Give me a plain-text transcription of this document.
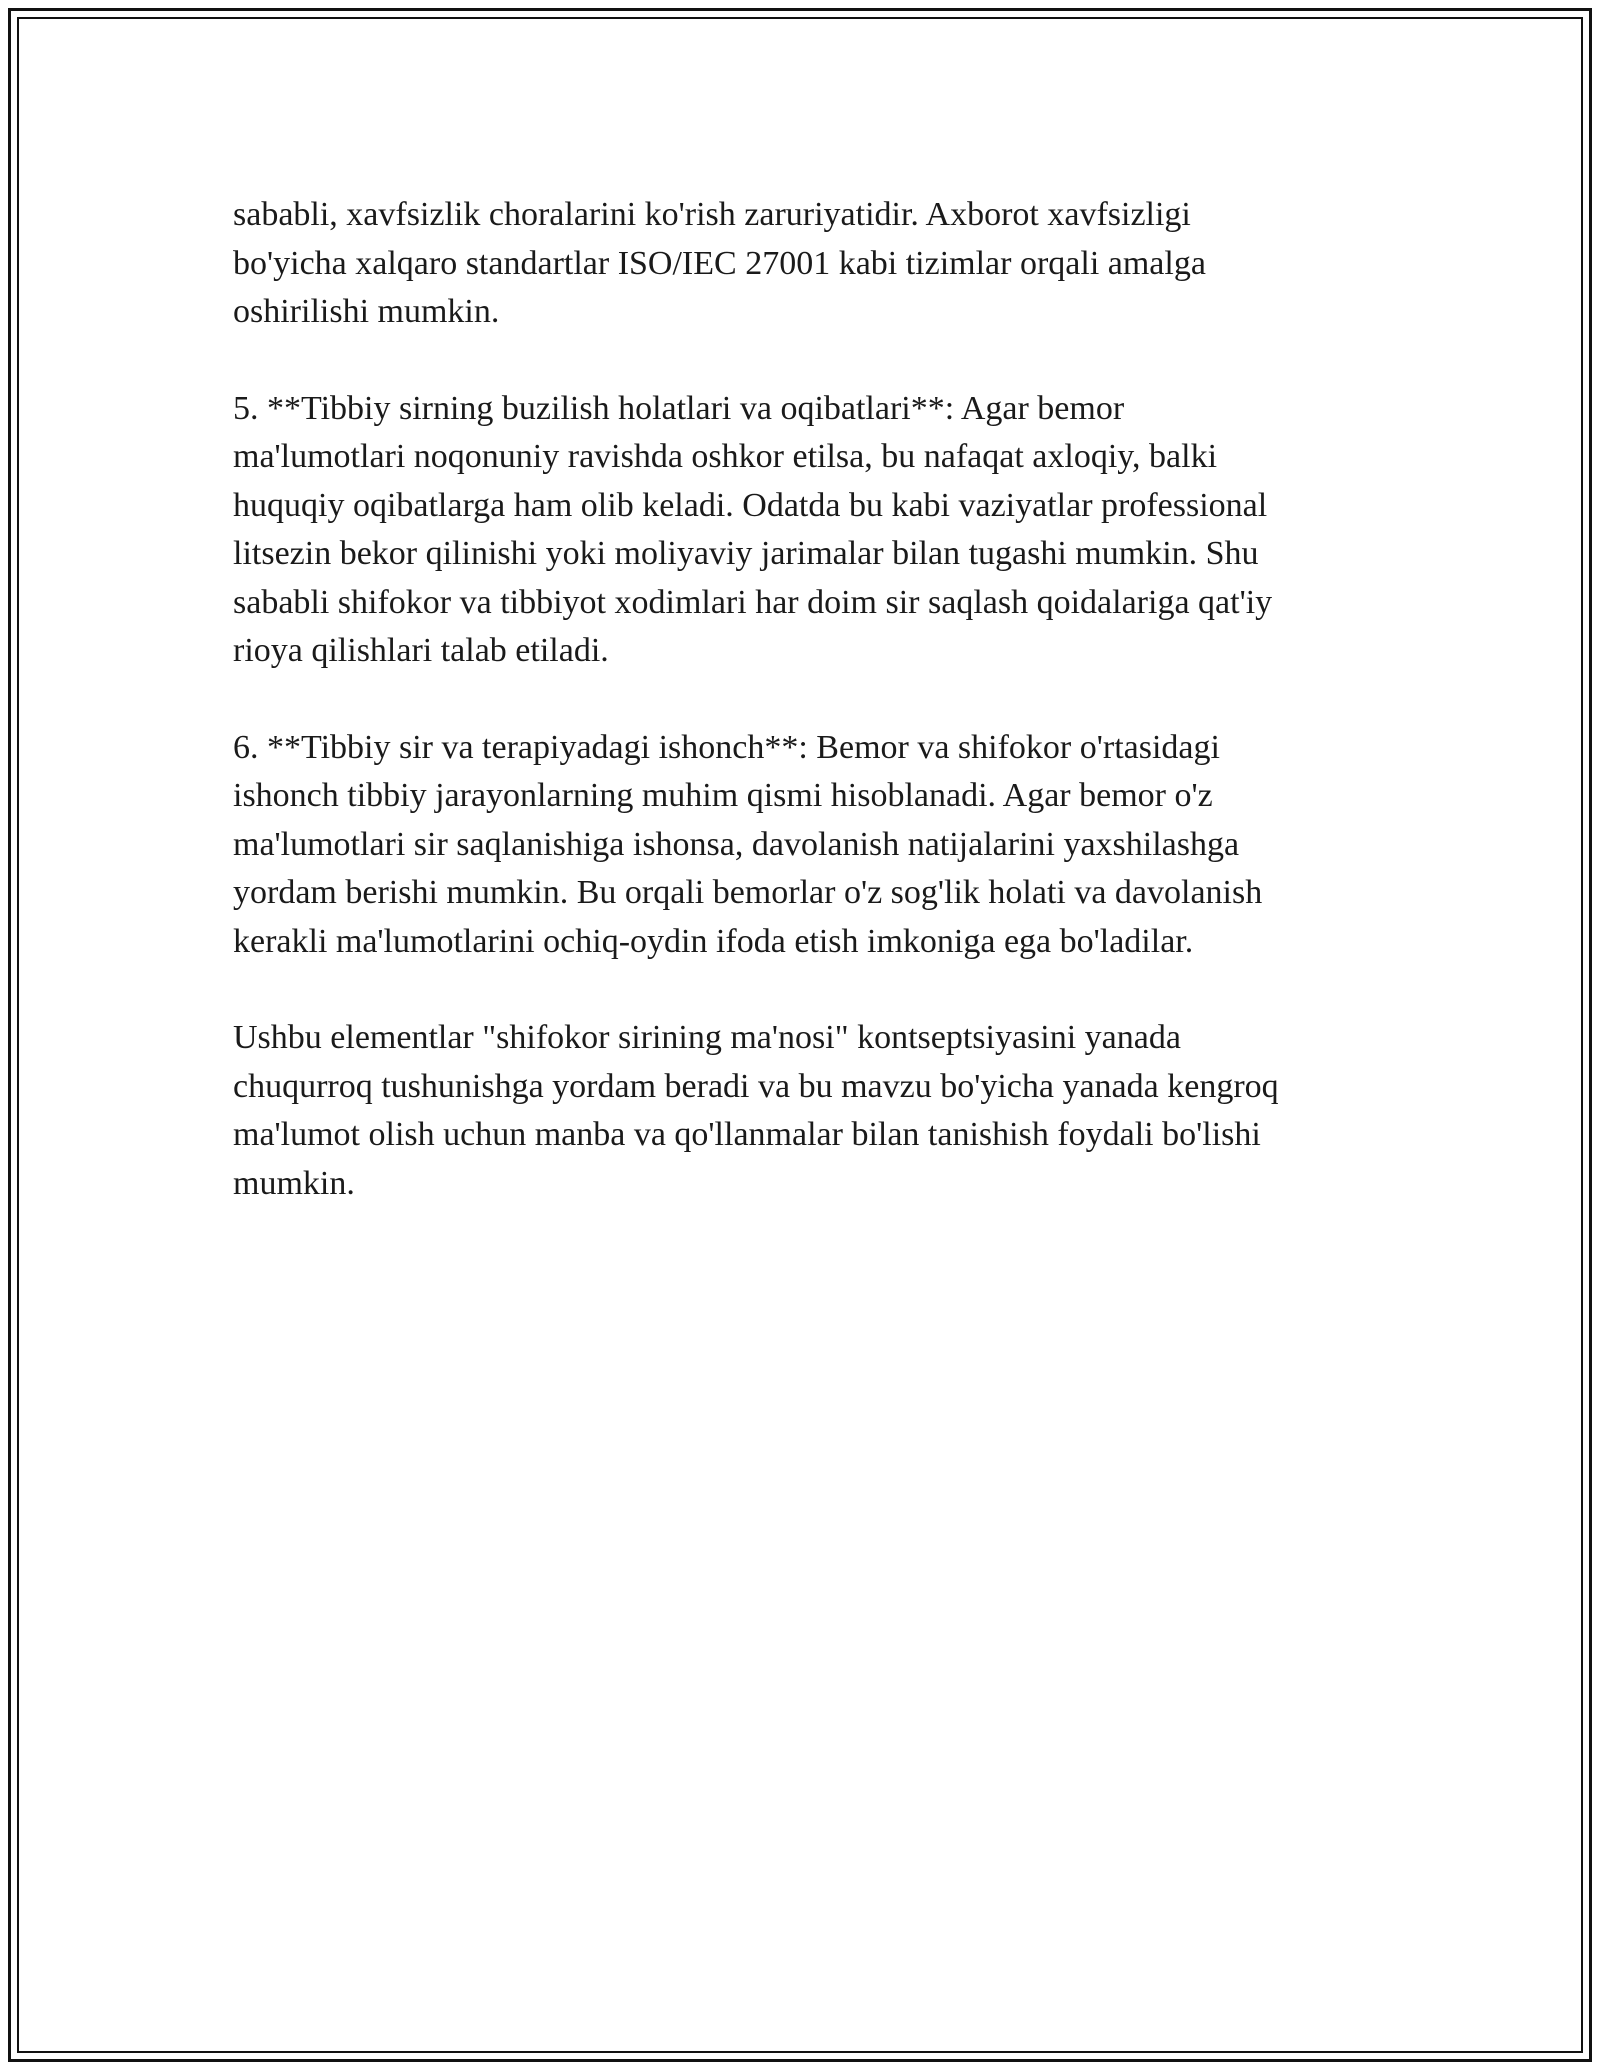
sababli, xavfsizlik choralarini ko'rish zaruriyatidir. Axborot xavfsizligi
bo'yicha xalqaro standartlar ISO/IEC 27001 kabi tizimlar orqali amalga
oshirilishi mumkin.

5. **Tibbiy sirning buzilish holatlari va oqibatlari**: Agar bemor
ma'lumotlari noqonuniy ravishda oshkor etilsa, bu nafaqat axloqiy, balki
huquqiy oqibatlarga ham olib keladi. Odatda bu kabi vaziyatlar professional
litsezin bekor qilinishi yoki moliyaviy jarimalar bilan tugashi mumkin. Shu
sababli shifokor va tibbiyot xodimlari har doim sir saqlash qoidalariga qat'iy
rioya qilishlari talab etiladi.

6. **Tibbiy sir va terapiyadagi ishonch**: Bemor va shifokor o'rtasidagi
ishonch tibbiy jarayonlarning muhim qismi hisoblanadi. Agar bemor o'z
ma'lumotlari sir saqlanishiga ishonsa, davolanish natijalarini yaxshilashga
yordam berishi mumkin. Bu orqali bemorlar o'z sog'lik holati va davolanish
kerakli ma'lumotlarini ochiq-oydin ifoda etish imkoniga ega bo'ladilar.

Ushbu elementlar "shifokor sirining ma'nosi" kontseptsiyasini yanada
chuqurroq tushunishga yordam beradi va bu mavzu bo'yicha yanada kengroq
ma'lumot olish uchun manba va qo'llanmalar bilan tanishish foydali bo'lishi
mumkin.
